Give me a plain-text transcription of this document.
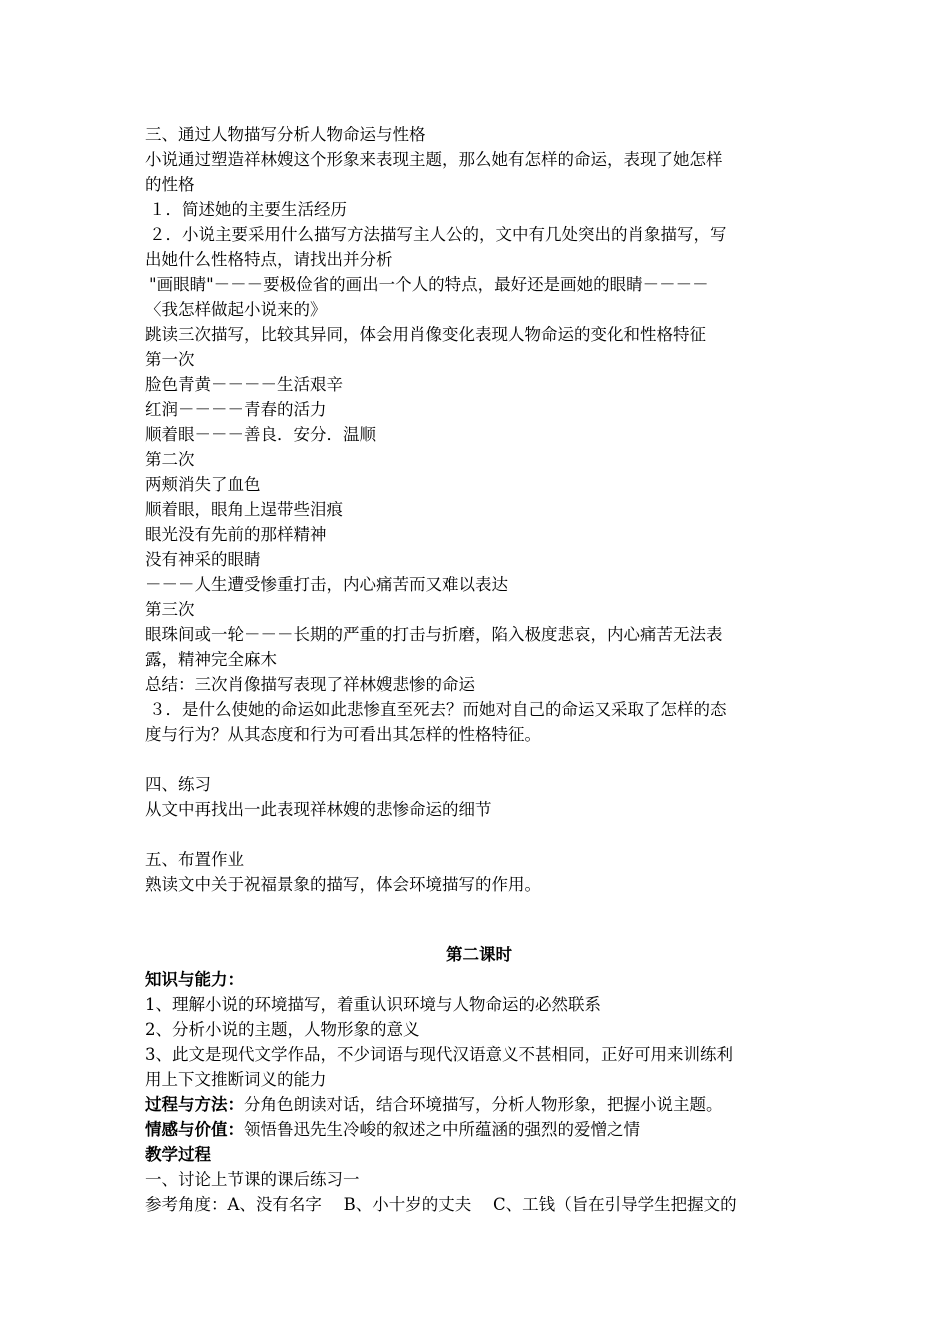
三、通过人物描写分析人物命运与性格
小说通过塑造祥林嫂这个形象来表现主题，那么她有怎样的命运，表现了她怎样
的性格
１．简述她的主要生活经历
２．小说主要采用什么描写方法描写主人公的，文中有几处突出的肖象描写，写
出她什么性格特点，请找出并分析
"画眼睛"－－－要极俭省的画出一个人的特点，最好还是画她的眼睛－－－－
〈我怎样做起小说来的》
跳读三次描写，比较其异同，体会用肖像变化表现人物命运的变化和性格特征
第一次
脸色青黄－－－－生活艰辛
红润－－－－青春的活力
顺着眼－－－善良．安分．温顺
第二次
两颊消失了血色
顺着眼，眼角上逞带些泪痕
眼光没有先前的那样精神
没有神采的眼睛
－－－人生遭受惨重打击，内心痛苦而又难以表达
第三次
眼珠间或一轮－－－长期的严重的打击与折磨，陷入极度悲哀，内心痛苦无法表
露，精神完全麻木
总结：三次肖像描写表现了祥林嫂悲惨的命运
３．是什么使她的命运如此悲惨直至死去？而她对自己的命运又采取了怎样的态
度与行为？从其态度和行为可看出其怎样的性格特征。
四、练习
从文中再找出一此表现祥林嫂的悲惨命运的细节
五、布置作业
熟读文中关于祝福景象的描写，体会环境描写的作用。
第二课时
知识与能力：
1、理解小说的环境描写，着重认识环境与人物命运的必然联系
2、分析小说的主题，人物形象的意义
3、此文是现代文学作品，不少词语与现代汉语意义不甚相同，正好可用来训练利
用上下文推断词义的能力
过程与方法：分角色朗读对话，结合环境描写，分析人物形象，把握小说主题。
情感与价值：领悟鲁迅先生冷峻的叙述之中所蕴涵的强烈的爱憎之情
教学过程
一、讨论上节课的课后练习一
参考角度：A、没有名字　 B、小十岁的丈夫　 C、工钱（旨在引导学生把握文的
